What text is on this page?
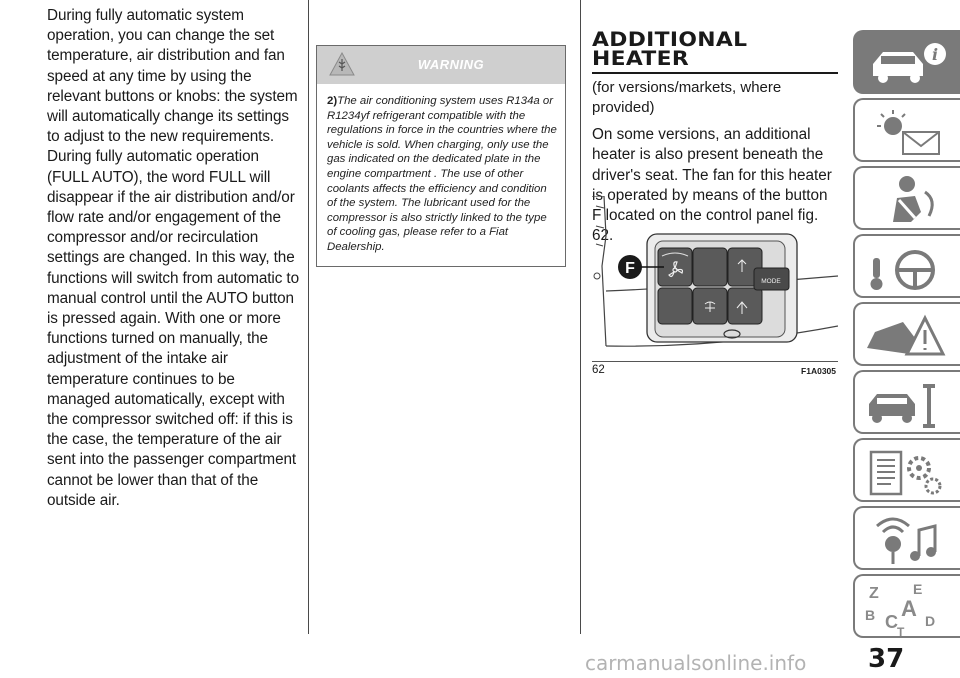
During fully automatic system operation, you can change the set temperature, air distribution and fan speed at any time by using the relevant buttons or knobs: the system will automatically change its settings to adjust to the new requirements. During fully automatic operation (FULL AUTO), the word FULL will disappear if the air distribution and/or flow rate and/or engagement of the compressor and/or recirculation settings are changed. In this way, the functions will switch from automatic to manual control until the AUTO button is pressed again. With one or more functions turned on manually, the adjustment of the intake air temperature continues to be managed automatically, except with the compressor switched off: if this is the case, the temperature of the air sent into the passenger compartment cannot be lower than that of the outside air.

WARNING
2)The air conditioning system uses R134a or R1234yf refrigerant compatible with the regulations in force in the countries where the vehicle is sold. When charging, only use the gas indicated on the dedicated plate in the engine compartment . The use of other coolants affects the efficiency and condition of the system. The lubricant used for the compressor is also strictly linked to the type of cooling gas, please refer to a Fiat Dealership.
ADDITIONAL
HEATER
(for versions/markets, where provided)

On some versions, an additional heater is also present beneath the driver's seat. The fan for this heater is operated by means of the button F located on the control panel fig. 62.

MODE
F
62	F1A0305
i
Z E
A
B C D
T
37
carmanualsonline.info
